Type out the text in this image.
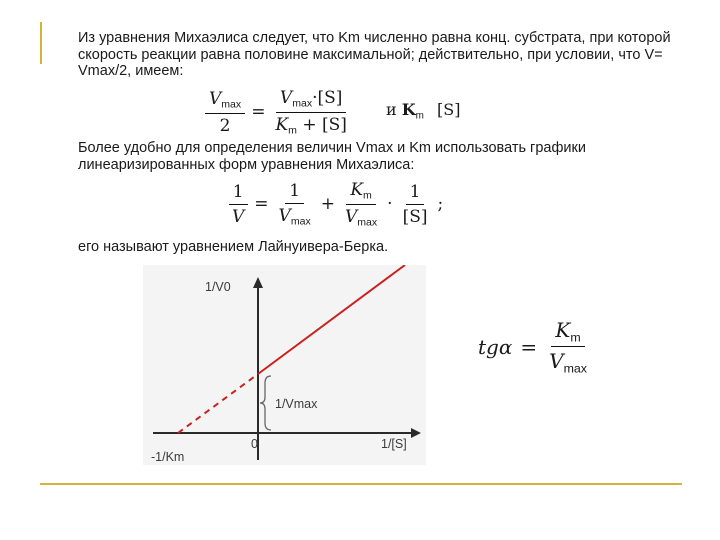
Из уравнения Михаэлиса следует, что Km численно равна конц. субстрата, при которой скорость реакции равна половине максимальной; действительно, при условии, что V= Vmax/2, имеем:
$\frac{V_{max}}{2} = \frac{V_{max}\cdot[S]}{K_m + [S]}$ и $K_m$ [S]
Более удобно для определения величин Vmax и Km использовать графики линеаризированных форм уравнения Михаэлиса:
$\frac{1}{V} = \frac{1}{V_{max}} + \frac{K_m}{V_{max}} \cdot \frac{1}{[S]}$ ;
его называют уравнением Лайнуивера-Берка.
1/V0
1/Vmax
0	1/[S]
-1/Km
$tg\alpha = \frac{K_m}{V_{max}}$
